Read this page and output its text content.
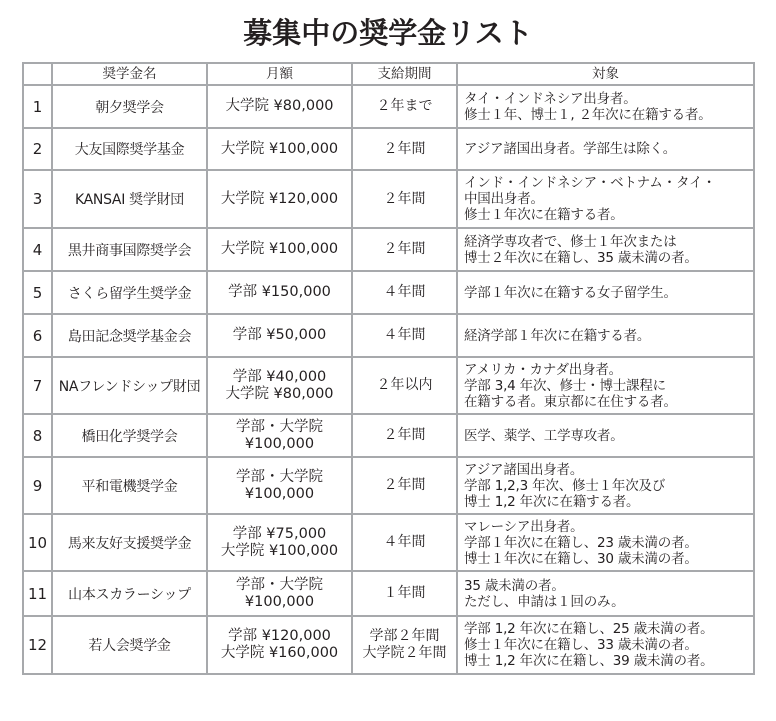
募集中の奨学金リスト
	奨学金名	月額	支給期間	対象
1	朝夕奨学会	大学院 ¥80,000	２年まで	タイ・インドネシア出身者。
修士１年、博士１, ２年次に在籍する者。

2	大友国際奨学基金	大学院 ¥100,000	２年間	アジア諸国出身者。学部生は除く。

3	KANSAI 奨学財団	大学院 ¥120,000	２年間	インド・インドネシア・ベトナム・タイ・
中国出身者。
修士１年次に在籍する者。

4	黒井商事国際奨学会	大学院 ¥100,000	２年間	経済学専攻者で、修士１年次または
博士２年次に在籍し、35 歳未満の者。

5	さくら留学生奨学金	学部 ¥150,000	４年間	学部１年次に在籍する女子留学生。

6	島田記念奨学基金会	学部 ¥50,000	４年間	経済学部１年次に在籍する者。

7	NAフレンドシップ財団	学部 ¥40,000
大学院 ¥80,000	２年以内	アメリカ・カナダ出身者。
学部 3,4 年次、修士・博士課程に
在籍する者。東京都に在住する者。

8	橋田化学奨学会	学部・大学院
¥100,000	２年間	医学、薬学、工学専攻者。

9	平和電機奨学金	学部・大学院
¥100,000	２年間	アジア諸国出身者。
学部 1,2,3 年次、修士１年次及び
博士 1,2 年次に在籍する者。

10	馬来友好支援奨学金	学部 ¥75,000
大学院 ¥100,000	４年間	マレーシア出身者。
学部１年次に在籍し、23 歳未満の者。
博士１年次に在籍し、30 歳未満の者。

11	山本スカラーシップ	学部・大学院
¥100,000	１年間	35 歳未満の者。
ただし、申請は１回のみ。

12	若人会奨学金	学部 ¥120,000
大学院 ¥160,000	学部２年間
大学院２年間	学部 1,2 年次に在籍し、25 歳未満の者。
修士１年次に在籍し、33 歳未満の者。
博士 1,2 年次に在籍し、39 歳未満の者。
